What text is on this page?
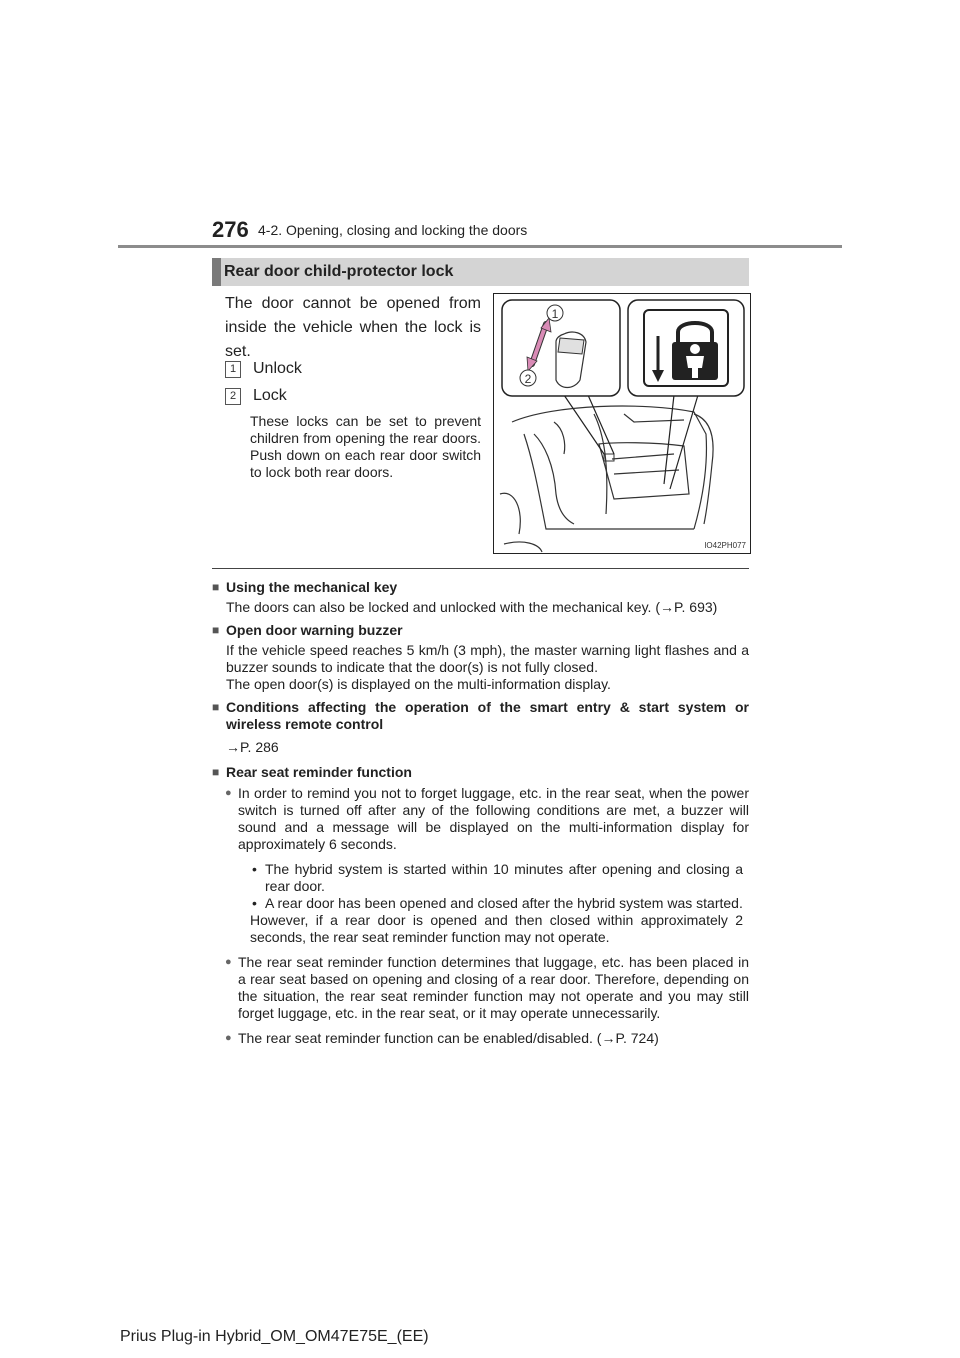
276 4-2. Opening, closing and locking the doors
Rear door child-protector lock
The door cannot be opened from inside the vehicle when the lock is set.
1 Unlock
2 Lock
These locks can be set to prevent children from opening the rear doors. Push down on each rear door switch to lock both rear doors.
1
2
IO42PH077
■ Using the mechanical key
The doors can also be locked and unlocked with the mechanical key. (→P. 693)
■ Open door warning buzzer
If the vehicle speed reaches 5 km/h (3 mph), the master warning light flashes and a buzzer sounds to indicate that the door(s) is not fully closed.
The open door(s) is displayed on the multi-information display.
■ Conditions affecting the operation of the smart entry & start system or wireless remote control
→P. 286
■ Rear seat reminder function
● In order to remind you not to forget luggage, etc. in the rear seat, when the power switch is turned off after any of the following conditions are met, a buzzer will sound and a message will be displayed on the multi-information display for approximately 6 seconds.
• The hybrid system is started within 10 minutes after opening and closing a rear door.
• A rear door has been opened and closed after the hybrid system was started.
However, if a rear door is opened and then closed within approximately 2 seconds, the rear seat reminder function may not operate.
● The rear seat reminder function determines that luggage, etc. has been placed in a rear seat based on opening and closing of a rear door. Therefore, depending on the situation, the rear seat reminder function may not operate and you may still forget luggage, etc. in the rear seat, or it may operate unnecessarily.
● The rear seat reminder function can be enabled/disabled. (→P. 724)
Prius Plug-in Hybrid_OM_OM47E75E_(EE)
